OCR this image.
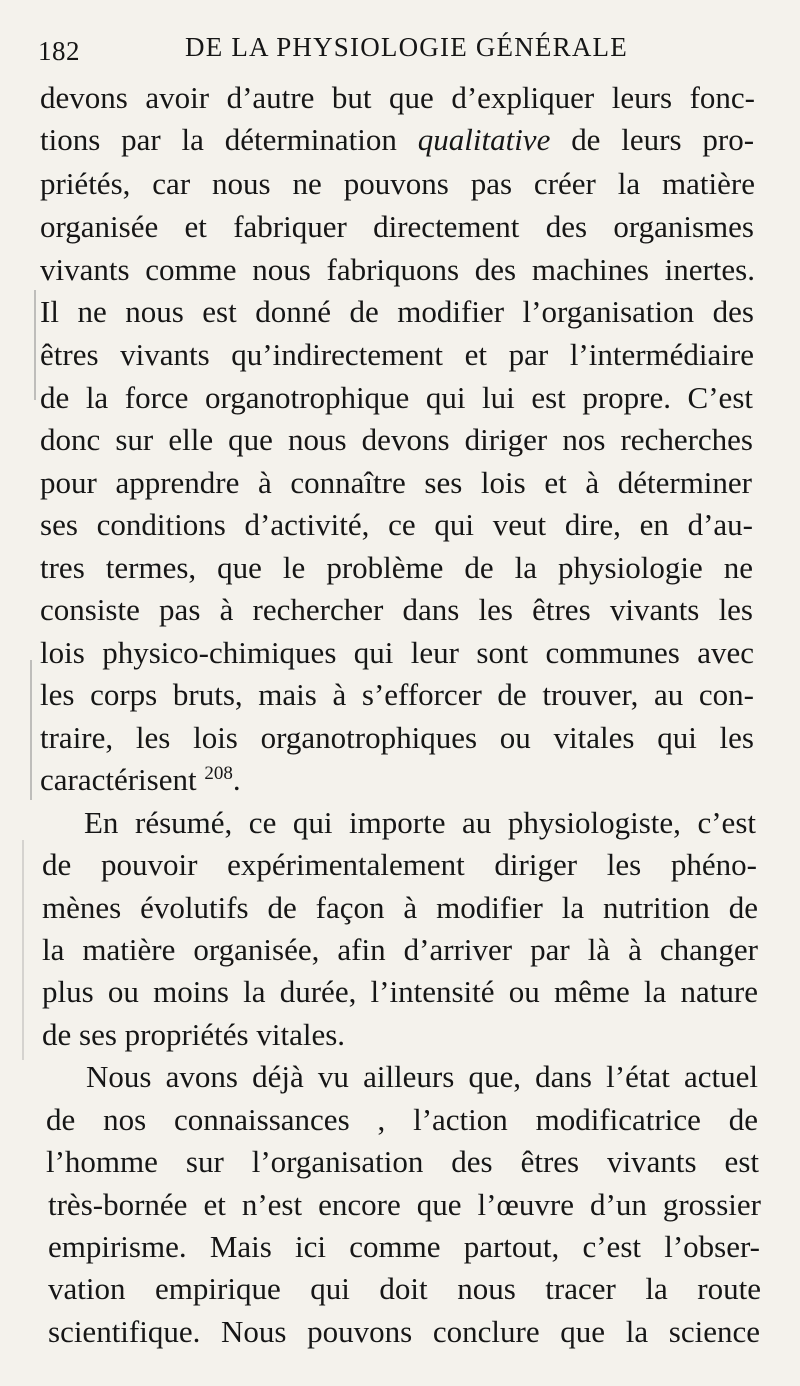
182	DE LA PHYSIOLOGIE GÉNÉRALE
devons avoir d’autre but que d’expliquer leurs fonc-
tions par la détermination qualitative de leurs pro-
priétés, car nous ne pouvons pas créer la matière
organisée et fabriquer directement des organismes
vivants comme nous fabriquons des machines inertes.
Il ne nous est donné de modifier l’organisation des
êtres vivants qu’indirectement et par l’intermédiaire
de la force organotrophique qui lui est propre. C’est
donc sur elle que nous devons diriger nos recherches
pour apprendre à connaître ses lois et à déterminer
ses conditions d’activité, ce qui veut dire, en d’au-
tres termes, que le problème de la physiologie ne
consiste pas à rechercher dans les êtres vivants les
lois physico-chimiques qui leur sont communes avec
les corps bruts, mais à s’efforcer de trouver, au con-
traire, les lois organotrophiques ou vitales qui les
caractérisent $^{208}$.
En résumé, ce qui importe au physiologiste, c’est
de pouvoir expérimentalement diriger les phéno-
mènes évolutifs de façon à modifier la nutrition de
la matière organisée, afin d’arriver par là à changer
plus ou moins la durée, l’intensité ou même la nature
de ses propriétés vitales.
Nous avons déjà vu ailleurs que, dans l’état actuel
de nos connaissances , l’action modificatrice de
l’homme sur l’organisation des êtres vivants est
très-bornée et n’est encore que l’œuvre d’un grossier
empirisme. Mais ici comme partout, c’est l’obser-
vation empirique qui doit nous tracer la route
scientifique. Nous pouvons conclure que la science
